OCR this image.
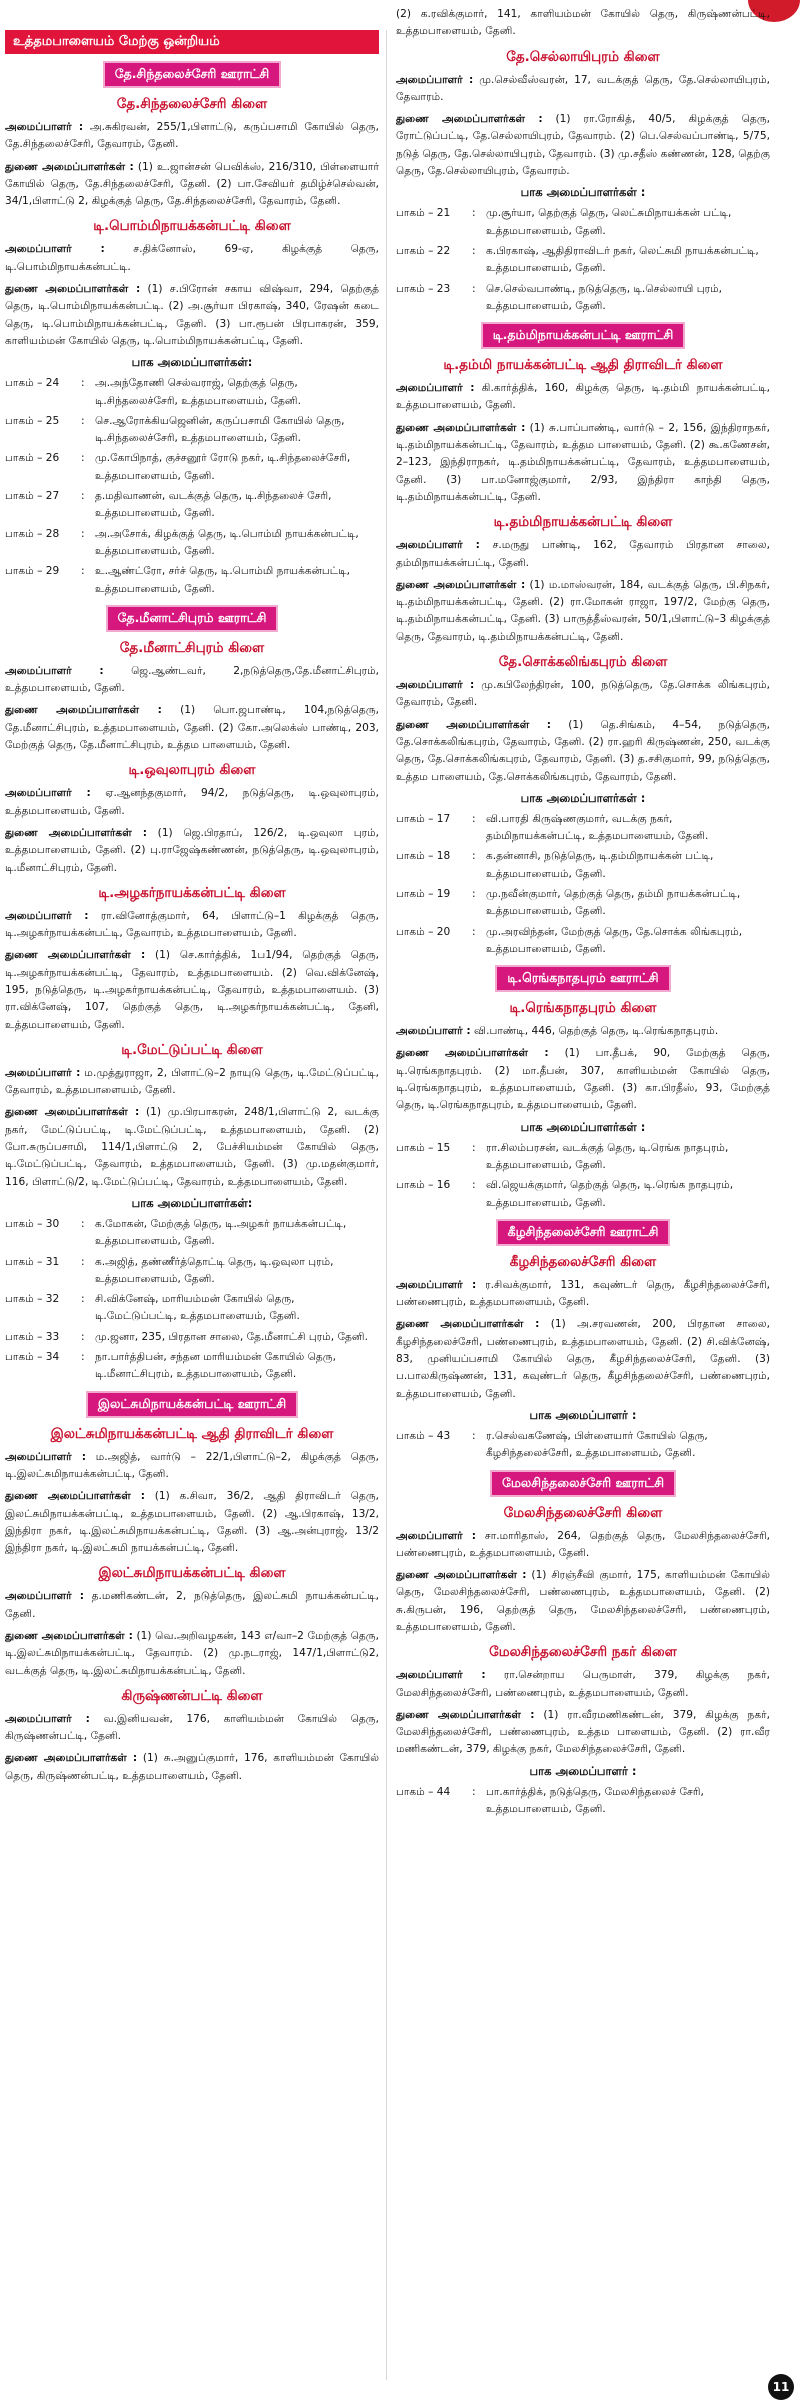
உத்தமபாளையம் மேற்கு ஒன்றியம்
தே.சிந்தலைச்சேரி ஊராட்சி
தே.சிந்தலைச்சேரி கிளை

அமைப்பாளர் : அ.சுகிரவன், 255/1,பிளாட்டு, கருப்பசாமி கோயில் தெரு, தே.சிந்தலைச்சேரி, தேவாரம், தேனி.

துணை அமைப்பாளர்கள் : (1) உ.ஜான்சன் பெவிக்ஸ், 216/310, பிள்ளையார் கோயில் தெரு, தே.சிந்தலைச்சேரி, தேனி. (2) பா.சேவியர் தமிழ்ச்செல்வன், 34/1,பிளாட்டு 2, கிழக்குத் தெரு, தே.சிந்தலைச்சேரி, தேவாரம், தேனி.

டி.பொம்மிநாயக்கன்பட்டி கிளை

அமைப்பாளர் : ச.திக்னோஸ், 69-ஏ, கிழக்குத் தெரு, டி.பொம்மிநாயக்கன்பட்டி.

துணை அமைப்பாளர்கள் : (1) ச.பிரோன் சகாய விஷ்வா, 294, தெற்குத் தெரு, டி.பொம்மிநாயக்கன்பட்டி. (2) அ.சூர்யா பிரகாஷ், 340, ரேஷன் கடை தெரு, டி.பொம்மிநாயக்கன்பட்டி, தேனி. (3) பா.ரூபன் பிரபாகரன், 359, காளியம்மன் கோயில் தெரு, டி.பொம்மிநாயக்கன்பட்டி, தேனி.

பாக அமைப்பாளர்கள்:
பாகம் – 24	: அ.அந்தோணி செல்வராஜ், தெற்குத் தெரு, டி.சிந்தலைச்சேரி, உத்தமபாளையம், தேனி.
பாகம் – 25	: செ.ஆரோக்கியஜெனின், கருப்பசாமி கோயில் தெரு, டி.சிந்தலைச்சேரி, உத்தமபாளையம், தேனி.
பாகம் – 26	: மு.கோபிநாத், குச்சனூர் ரோடு நகர், டி.சிந்தலைச்சேரி, உத்தமபாளையம், தேனி.
பாகம் – 27	: த.மதிவாணன், வடக்குத் தெரு, டி.சிந்தலைச் சேரி, உத்தமபாளையம், தேனி.
பாகம் – 28	: அ.அசோக், கிழக்குத் தெரு, டி.பொம்மி நாயக்கன்பட்டி, உத்தமபாளையம், தேனி.
பாகம் – 29	: உ.ஆண்ட்ரோ, சர்ச் தெரு, டி.பொம்மி நாயக்கன்பட்டி, உத்தமபாளையம், தேனி.
தே.மீனாட்சிபுரம் ஊராட்சி
தே.மீனாட்சிபுரம் கிளை

அமைப்பாளர் : ஜெ.ஆண்டவர், 2,நடுத்தெரு,தே.மீனாட்சிபுரம், உத்தமபாளையம், தேனி.

துணை அமைப்பாளர்கள் : (1) பொ.ஜபாண்டி, 104,நடுத்தெரு, தே.மீனாட்சிபுரம், உத்தமபாளையம், தேனி. (2) கோ.அலெக்ஸ் பாண்டி, 203, மேற்குத் தெரு, தே.மீனாட்சிபுரம், உத்தம பாளையம், தேனி.

டி.ஒவுலாபுரம் கிளை

அமைப்பாளர் : ஏ.ஆனந்தகுமார், 94/2, நடுத்தெரு, டி.ஒவுலாபுரம், உத்தமபாளையம், தேனி.

துணை அமைப்பாளர்கள் : (1) ஜெ.பிரதாப், 126/2, டி.ஒவுலா புரம், உத்தமபாளையம், தேனி. (2) பு.ராஜேஷ்கண்ணன், நடுத்தெரு, டி.ஒவுலாபுரம், டி.மீனாட்சிபுரம், தேனி.

டி.அழகர்நாயக்கன்பட்டி கிளை

அமைப்பாளர் : ரா.வினோத்குமார், 64, பிளாட்டு–1 கிழக்குத் தெரு, டி.அழகர்நாயக்கன்பட்டி, தேவாரம், உத்தமபாளையம், தேனி.

துணை அமைப்பாளர்கள் : (1) செ.கார்த்திக், 1ப1/94, தெற்குத் தெரு, டி.அழகர்நாயக்கன்பட்டி, தேவாரம், உத்தமபாளையம். (2) வெ.விக்னேஷ், 195, நடுத்தெரு, டி.அழகர்நாயக்கன்பட்டி, தேவாரம், உத்தமபாளையம். (3) ரா.விக்னேஷ், 107, தெற்குத் தெரு, டி.அழகர்நாயக்கன்பட்டி, தேனி, உத்தமபாளையம், தேனி.

டி.மேட்டுப்பட்டி கிளை

அமைப்பாளர் : ம.முத்துராஜா, 2, பிளாட்டு–2 நாயுடு தெரு, டி.மேட்டுப்பட்டி, தேவாரம், உத்தமபாளையம், தேனி.

துணை அமைப்பாளர்கள் : (1) மு.பிரபாகரன், 248/1,பிளாட்டு 2, வடக்கு நகர், மேட்டுப்பட்டி, டி.மேட்டுப்பட்டி, உத்தமபாளையம், தேனி. (2) போ.சுருப்பசாமி, 114/1,பிளாட்டு 2, பேச்சியம்மன் கோயில் தெரு, டி.மேட்டுப்பட்டி, தேவாரம், உத்தமபாளையம், தேனி. (3) மு.மதன்குமார், 116, பிளாட்டு/2, டி.மேட்டுப்பட்டி, தேவாரம், உத்தமபாளையம், தேனி.

பாக அமைப்பாளர்கள்:
பாகம் – 30	: க.மோகன், மேற்குத் தெரு, டி.அழகர் நாயக்கன்பட்டி, உத்தமபாளையம், தேனி.
பாகம் – 31	: க.அஜித், தண்ணீர்த்தொட்டி தெரு, டி.ஒவுலா புரம், உத்தமபாளையம், தேனி.
பாகம் – 32	: சி.விக்னேஷ், மாரியம்மன் கோயில் தெரு, டி.மேட்டுப்பட்டி, உத்தமபாளையம், தேனி.
பாகம் – 33	: மு.ஜனா, 235, பிரதான சாலை, தே.மீனாட்சி புரம், தேனி.
பாகம் – 34	: நா.பார்த்திபன், சந்தன மாரியம்மன் கோயில் தெரு, டி.மீனாட்சிபுரம், உத்தமபாளையம், தேனி.
இலட்சுமிநாயக்கன்பட்டி ஊராட்சி
இலட்சுமிநாயக்கன்பட்டி ஆதி திராவிடர் கிளை

அமைப்பாளர் : ம.அஜித், வார்டு – 22/1,பிளாட்டு–2, கிழக்குத் தெரு, டி.இலட்சுமிநாயக்கன்பட்டி, தேனி.

துணை அமைப்பாளர்கள் : (1) க.சிவா, 36/2, ஆதி திராவிடர் தெரு, இலட்சுமிநாயக்கன்பட்டி, உத்தமபாளையம், தேனி. (2) ஆ.பிரகாஷ், 13/2, இந்திரா நகர், டி.இலட்சுமிநாயக்கன்பட்டி, தேனி. (3) ஆ.அன்புராஜ், 13/2 இந்திரா நகர், டி.இலட்சுமி நாயக்கன்பட்டி, தேனி.

இலட்சுமிநாயக்கன்பட்டி கிளை

அமைப்பாளர் : த.மணிகண்டன், 2, நடுத்தெரு, இலட்சுமி நாயக்கன்பட்டி, தேனி.

துணை அமைப்பாளர்கள் : (1) வெ.அறிவழகன், 143 எ/வா–2 மேற்குத் தெரு, டி.இலட்சுமிநாயக்கன்பட்டி, தேவாரம். (2) மு.நடராஜ், 147/1,பிளாட்டு2, வடக்குத் தெரு, டி.இலட்சுமிநாயக்கன்பட்டி, தேனி.

கிருஷ்ணன்பட்டி கிளை

அமைப்பாளர் : வ.இனியவன், 176, காளியம்மன் கோயில் தெரு, கிருஷ்ணன்பட்டி, தேனி.

துணை அமைப்பாளர்கள் : (1) சு.அனுப்குமார், 176, காளியம்மன் கோயில் தெரு, கிருஷ்ணன்பட்டி, உத்தமபாளையம், தேனி.

(2) க.ரவிக்குமார், 141, காளியம்மன் கோயில் தெரு, கிருஷ்ணன்பட்டி, உத்தமபாளையம், தேனி.

தே.செல்லாயிபுரம் கிளை

அமைப்பாளர் : மு.செல்வீஸ்வரன், 17, வடக்குத் தெரு, தே.செல்லாயிபுரம், தேவாரம்.

துணை அமைப்பாளர்கள் : (1) ரா.ரோகித், 40/5, கிழக்குத் தெரு, ரோட்டுப்பட்டி, தே.செல்லாயிபுரம், தேவாரம். (2) பெ.செல்வப்பாண்டி, 5/75, நடுத் தெரு, தே.செல்லாயிபுரம், தேவாரம். (3) மு.சதீஸ் கண்ணன், 128, தெற்கு தெரு, தே.செல்லாயிபுரம், தேவாரம்.

பாக அமைப்பாளர்கள் :
பாகம் – 21	: மு.சூர்யா, தெற்குத் தெரு, லெட்சுமிநாயக்கன் பட்டி, உத்தமபாளையம், தேனி.
பாகம் – 22	: க.பிரகாஷ், ஆதிதிராவிடர் நகர், லெட்சுமி நாயக்கன்பட்டி, உத்தமபாளையம், தேனி.
பாகம் – 23	: செ.செல்வபாண்டி, நடுத்தெரு, டி.செல்லாயி புரம், உத்தமபாளையம், தேனி.
டி.தம்மிநாயக்கன்பட்டி ஊராட்சி
டி.தம்மி நாயக்கன்பட்டி ஆதி திராவிடர் கிளை

அமைப்பாளர் : கி.கார்த்திக், 160, கிழக்கு தெரு, டி.தம்மி நாயக்கன்பட்டி, உத்தமபாளையம், தேனி.

துணை அமைப்பாளர்கள் : (1) சு.பாப்பாண்டி, வார்டு – 2, 156, இந்திராநகர், டி.தம்மிநாயக்கன்பட்டி, தேவாரம், உத்தம பாளையம், தேனி. (2) கூ.கணேசன், 2–123, இந்திராநகர், டி.தம்மிநாயக்கன்பட்டி, தேவாரம், உத்தமபாளையம், தேனி. (3) பா.மனோஜ்குமார், 2/93, இந்திரா காந்தி தெரு, டி.தம்மிநாயக்கன்பட்டி, தேனி.

டி.தம்மிநாயக்கன்பட்டி கிளை

அமைப்பாளர் : ச.மருது பாண்டி, 162, தேவாரம் பிரதான சாலை, தம்மிநாயக்கன்பட்டி, தேனி.

துணை அமைப்பாளர்கள் : (1) ம.மாஸ்வரன், 184, வடக்குத் தெரு, பி.சிநகர், டி.தம்மிநாயக்கன்பட்டி, தேனி. (2) ரா.மோகன் ராஜா, 197/2, மேற்கு தெரு, டி.தம்மிநாயக்கன்பட்டி, தேனி. (3) பாருத்தீஸ்வரன், 50/1,பிளாட்டு–3 கிழக்குத் தெரு, தேவாரம், டி.தம்மிநாயக்கன்பட்டி, தேனி.

தே.சொக்கலிங்கபுரம் கிளை

அமைப்பாளர் : மு.கபிலேந்திரன், 100, நடுத்தெரு, தே.சொக்க லிங்கபுரம், தேவாரம், தேனி.

துணை அமைப்பாளர்கள் : (1) தெ.சிங்கம், 4–54, நடுத்தெரு, தே.சொக்கலிங்கபுரம், தேவாரம், தேனி. (2) ரா.ஹரி கிருஷ்ணன், 250, வடக்கு தெரு, தே.சொக்கலிங்கபுரம், தேவாரம், தேனி. (3) த.சசிகுமார், 99, நடுத்தெரு, உத்தம பாளையம், தே.சொக்கலிங்கபுரம், தேவாரம், தேனி.

பாக அமைப்பாளர்கள் :
பாகம் – 17	: வி.பாரதி கிருஷ்ணகுமார், வடக்கு நகர், தம்மிநாயக்கன்பட்டி, உத்தமபாளையம், தேனி.
பாகம் – 18	: க.தன்னாசி, நடுத்தெரு, டி.தம்மிநாயக்கன் பட்டி, உத்தமபாளையம், தேனி.
பாகம் – 19	: மு.நவீன்குமார், தெற்குத் தெரு, தம்மி நாயக்கன்பட்டி, உத்தமபாளையம், தேனி.
பாகம் – 20	: மு.அரவிந்தன், மேற்குத் தெரு, தே.சொக்க லிங்கபுரம், உத்தமபாளையம், தேனி.
டி.ரெங்கநாதபுரம் ஊராட்சி
டி.ரெங்கநாதபுரம் கிளை

அமைப்பாளர் : வி.பாண்டி, 446, தெற்குத் தெரு, டி.ரெங்கநாதபுரம்.

துணை அமைப்பாளர்கள் : (1) பா.தீபக், 90, மேற்குத் தெரு, டி.ரெங்கநாதபுரம். (2) மா.தீபன், 307, காளியம்மன் கோயில் தெரு, டி.ரெங்கநாதபுரம், உத்தமபாளையம், தேனி. (3) கா.பிரதீஸ், 93, மேற்குத் தெரு, டி.ரெங்கநாதபுரம், உத்தமபாளையம், தேனி.

பாக அமைப்பாளர்கள் :
பாகம் – 15	: ரா.சிலம்பரசன், வடக்குத் தெரு, டி.ரெங்க நாதபுரம், உத்தமபாளையம், தேனி.
பாகம் – 16	: வி.ஜெயக்குமார், தெற்குத் தெரு, டி.ரெங்க நாதபுரம், உத்தமபாளையம், தேனி.
கீழசிந்தலைச்சேரி ஊராட்சி
கீழசிந்தலைச்சேரி கிளை

அமைப்பாளர் : ர.சிவக்குமார், 131, கவுண்டர் தெரு, கீழசிந்தலைச்சேரி, பண்ணைபுரம், உத்தமபாளையம், தேனி.

துணை அமைப்பாளர்கள் : (1) அ.சரவணன், 200, பிரதான சாலை, கீழசிந்தலைச்சேரி, பண்ணைபுரம், உத்தமபாளையம், தேனி. (2) சி.விக்னேஷ், 83, முனியப்பசாமி கோயில் தெரு, கீழசிந்தலைச்சேரி, தேனி. (3) ப.பாலகிருஷ்ணன், 131, கவுண்டர் தெரு, கீழசிந்தலைச்சேரி, பண்ணைபுரம், உத்தமபாளையம், தேனி.

பாக அமைப்பாளர் :
பாகம் – 43	: ர.செல்வகணேஷ், பிள்ளையார் கோயில் தெரு, கீழசிந்தலைச்சேரி, உத்தமபாளையம், தேனி.
மேலசிந்தலைச்சேரி ஊராட்சி
மேலசிந்தலைச்சேரி கிளை

அமைப்பாளர் : சா.மாரிதாஸ், 264, தெற்குத் தெரு, மேலசிந்தலைச்சேரி, பண்ணைபுரம், உத்தமபாளையம், தேனி.

துணை அமைப்பாளர்கள் : (1) சிரஞ்சீவி குமார், 175, காளியம்மன் கோயில் தெரு, மேலசிந்தலைச்சேரி, பண்ணைபுரம், உத்தமபாளையம், தேனி. (2) சு.கிருபன், 196, தெற்குத் தெரு, மேலசிந்தலைச்சேரி, பண்ணைபுரம், உத்தமபாளையம், தேனி.

மேலசிந்தலைச்சேரி நகர் கிளை

அமைப்பாளர் : ரா.சென்றாய பெருமாள், 379, கிழக்கு நகர், மேலசிந்தலைச்சேரி, பண்ணைபுரம், உத்தமபாளையம், தேனி.

துணை அமைப்பாளர்கள் : (1) ரா.வீரமணிகண்டன், 379, கிழக்கு நகர், மேலசிந்தலைச்சேரி, பண்ணைபுரம், உத்தம பாளையம், தேனி. (2) ரா.வீர மணிகண்டன், 379, கிழக்கு நகர், மேலசிந்தலைச்சேரி, தேனி.

பாக அமைப்பாளர் :
பாகம் – 44	: பா.கார்த்திக், நடுத்தெரு, மேலசிந்தலைச் சேரி, உத்தமபாளையம், தேனி.
11
